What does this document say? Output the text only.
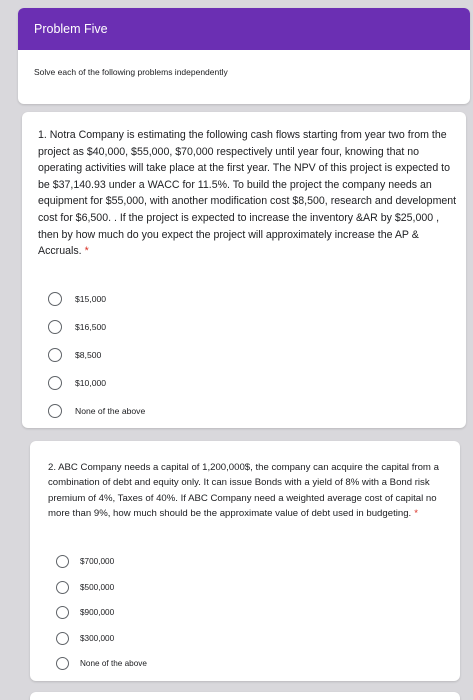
Problem Five
Solve each of the following problems independently
1. Notra Company is estimating the following cash flows starting from year two from the project as $40,000, $55,000, $70,000 respectively until year four, knowing that no operating activities will take place at the first year. The NPV of this project is expected to be $37,140.93 under a WACC for 11.5%. To build the project the company needs an equipment for $55,000, with another modification cost $8,500, research and development cost for $6,500. . If the project is expected to increase the inventory &AR by $25,000 , then by how much do you expect the project will approximately increase the AP & Accruals. *
$15,000
$16,500
$8,500
$10,000
None of the above
2. ABC Company needs a capital of 1,200,000$, the company can acquire the capital from a combination of debt and equity only. It can issue Bonds with a yield of 8% with a Bond risk premium of 4%, Taxes of 40%. If ABC Company need a weighted average cost of capital no more than 9%, how much should be the approximate value of debt used in budgeting. *
$700,000
$500,000
$900,000
$300,000
None of the above
